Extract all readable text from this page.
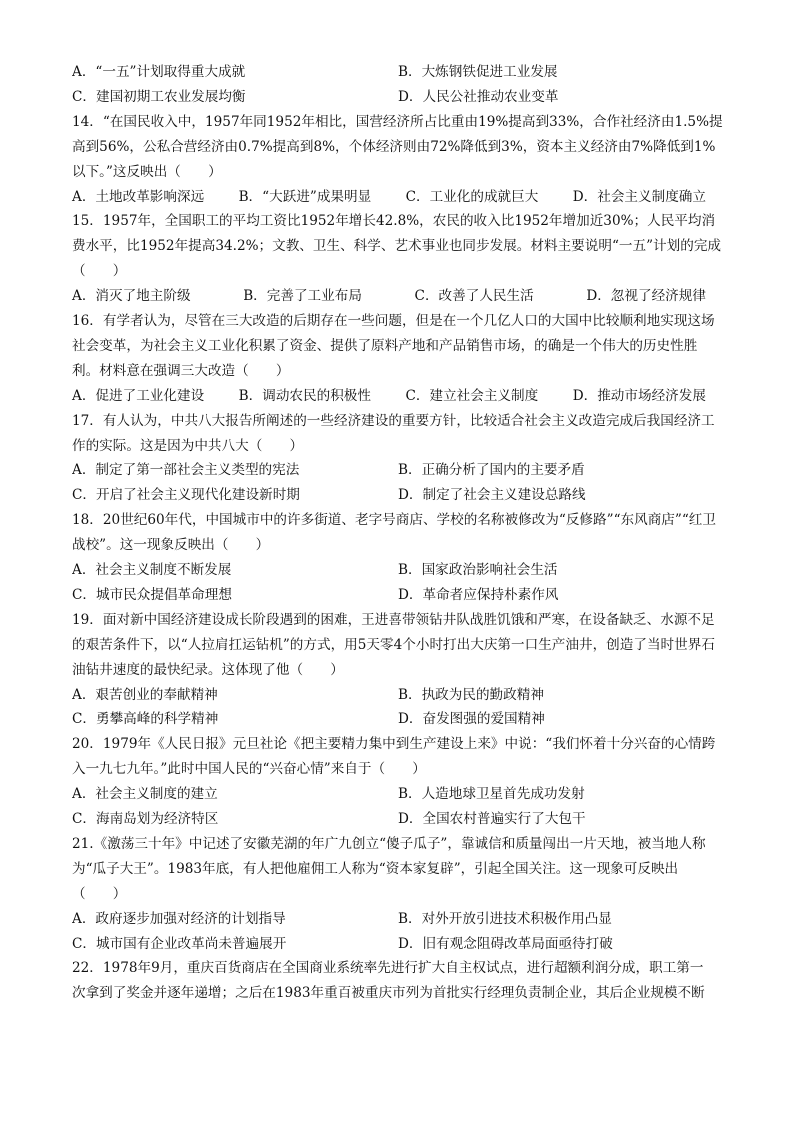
A．“一五”计划取得重大成就	B．大炼钢铁促进工业发展
C．建国初期工农业发展均衡	D．人民公社推动农业变革
14．“在国民收入中，1957年同1952年相比，国营经济所占比重由19%提高到33%，合作社经济由1.5%提高到56%，公私合营经济由0.7%提高到8%，个体经济则由72%降低到3%，资本主义经济由7%降低到1%以下。”这反映出（　　）
A．土地改革影响深远	B．“大跃进”成果明显	C．工业化的成就巨大	D．社会主义制度确立
15．1957年，全国职工的平均工资比1952年增长42.8%，农民的收入比1952年增加近30%；人民平均消费水平，比1952年提高34.2%；文教、卫生、科学、艺术事业也同步发展。材料主要说明“一五”计划的完成（　　）
A．消灭了地主阶级	B．完善了工业布局	C．改善了人民生活	D．忽视了经济规律
16．有学者认为，尽管在三大改造的后期存在一些问题，但是在一个几亿人口的大国中比较顺利地实现这场社会变革，为社会主义工业化积累了资金、提供了原料产地和产品销售市场，的确是一个伟大的历史性胜利。材料意在强调三大改造（　　）
A．促进了工业化建设	B．调动农民的积极性	C．建立社会主义制度	D．推动市场经济发展
17．有人认为，中共八大报告所阐述的一些经济建设的重要方针，比较适合社会主义改造完成后我国经济工作的实际。这是因为中共八大（　　）
A．制定了第一部社会主义类型的宪法	B．正确分析了国内的主要矛盾
C．开启了社会主义现代化建设新时期	D．制定了社会主义建设总路线
18．20世纪60年代，中国城市中的许多街道、老字号商店、学校的名称被修改为“反修路”“东风商店”“红卫战校”。这一现象反映出（　　）
A．社会主义制度不断发展	B．国家政治影响社会生活
C．城市民众提倡革命理想	D．革命者应保持朴素作风
19．面对新中国经济建设成长阶段遇到的困难，王进喜带领钻井队战胜饥饿和严寒，在设备缺乏、水源不足的艰苦条件下，以“人拉肩扛运钻机”的方式，用5天零4个小时打出大庆第一口生产油井，创造了当时世界石油钻井速度的最快纪录。这体现了他（　　）
A．艰苦创业的奉献精神	B．执政为民的勤政精神
C．勇攀高峰的科学精神	D．奋发图强的爱国精神
20．1979年《人民日报》元旦社论《把主要精力集中到生产建设上来》中说：“我们怀着十分兴奋的心情跨入一九七九年。”此时中国人民的“兴奋心情”来自于（　　）
A．社会主义制度的建立	B．人造地球卫星首先成功发射
C．海南岛划为经济特区	D．全国农村普遍实行了大包干
21.《激荡三十年》中记述了安徽芜湖的年广九创立“傻子瓜子”，靠诚信和质量闯出一片天地，被当地人称为“瓜子大王”。1983年底，有人把他雇佣工人称为“资本家复辟”，引起全国关注。这一现象可反映出（　　）
A．政府逐步加强对经济的计划指导	B．对外开放引进技术积极作用凸显
C．城市国有企业改革尚未普遍展开	D．旧有观念阻碍改革局面亟待打破
22．1978年9月，重庆百货商店在全国商业系统率先进行扩大自主权试点，进行超额利润分成，职工第一
次拿到了奖金并逐年递增；之后在1983年重百被重庆市列为首批实行经理负责制企业，其后企业规模不断
